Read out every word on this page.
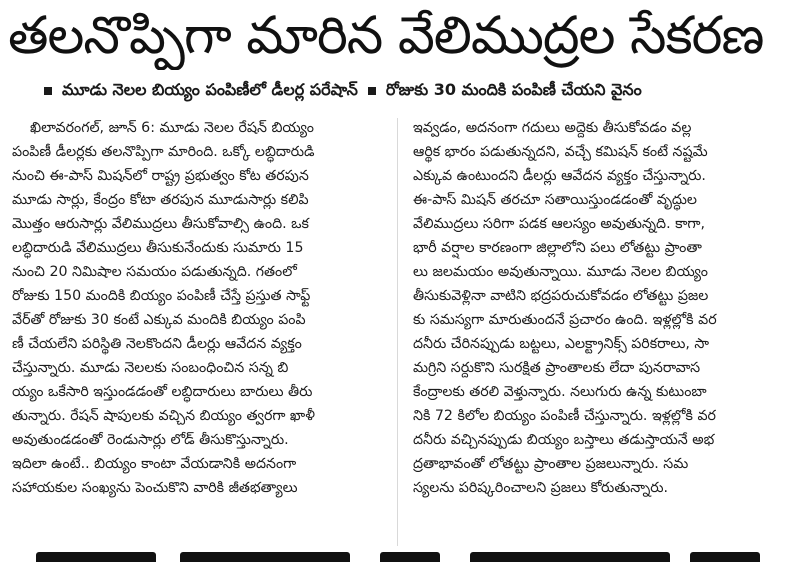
తలనొప్పిగా మారిన వేలిముద్రల సేకరణ
మూడు నెలల బియ్యం పంపిణీలో డీలర్ల పరేషాన్ రోజుకు 30 మందికి పంపిణీ చేయని వైనం
ఖిలావరంగల్, జూన్ 6: మూడు నెలల రేషన్ బియ్యం
పంపిణీ డీలర్లకు తలనొప్పిగా మారింది. ఒక్కో లబ్ధిదారుడి
నుంచి ఈ-పాస్ మిషన్‌లో రాష్ట్ర ప్రభుత్వం కోట తరపున
మూడు సార్లు, కేంద్రం కోటా తరపున మూడుసార్లు కలిపి
మొత్తం ఆరుసార్లు వేలిముద్రలు తీసుకోవాల్సి ఉంది. ఒక
లబ్ధిదారుడి వేలిముద్రలు తీసుకునేందుకు సుమారు 15
నుంచి 20 నిమిషాల సమయం పడుతున్నది. గతంలో
రోజుకు 150 మందికి బియ్యం పంపిణీ చేస్తే ప్రస్తుత సాఫ్ట్
వేర్‌తో రోజుకు 30 కంటే ఎక్కువ మందికి బియ్యం పంపి
ణీ చేయలేని పరిస్థితి నెలకొందని డీలర్లు ఆవేదన వ్యక్తం
చేస్తున్నారు. మూడు నెలలకు సంబంధించిన సన్న బి
య్యం ఒకేసారి ఇస్తుండడంతో లబ్ధిదారులు బారులు తీరు
తున్నారు. రేషన్ షాపులకు వచ్చిన బియ్యం త్వరగా ఖాళీ
అవుతుండడంతో రెండుసార్లు లోడ్ తీసుకొస్తున్నారు.
ఇదిలా ఉంటే.. బియ్యం కాంటా వేయడానికి అదనంగా
సహాయకుల సంఖ్యను పెంచుకొని వారికి జీతభత్యాలు
ఇవ్వడం, అదనంగా గదులు అద్దెకు తీసుకోవడం వల్ల
ఆర్థిక భారం పడుతున్నదని, వచ్చే కమిషన్ కంటే నష్టమే
ఎక్కువ ఉంటుందని డీలర్లు ఆవేదన వ్యక్తం చేస్తున్నారు.
ఈ-పాస్ మిషన్ తరచూ సతాయిస్తుండడంతో వృద్ధుల
వేలిముద్రలు సరిగా పడక ఆలస్యం అవుతున్నది. కాగా,
భారీ వర్షాల కారణంగా జిల్లాలోని పలు లోతట్టు ప్రాంతా
లు జలమయం అవుతున్నాయి. మూడు నెలల బియ్యం
తీసుకువెళ్లినా వాటిని భద్రపరుచుకోవడం లోతట్టు ప్రజల
కు సమస్యగా మారుతుందనే ప్రచారం ఉంది. ఇళ్లల్లోకి వర
దనీరు చేరినప్పుడు బట్టలు, ఎలక్ట్రానిక్స్ పరికరాలు, సా
మగ్రిని సర్దుకొని సురక్షిత ప్రాంతాలకు లేదా పునరావాస
కేంద్రాలకు తరలి వెళ్తున్నారు. నలుగురు ఉన్న కుటుంబా
నికి 72 కిలోల బియ్యం పంపిణీ చేస్తున్నారు. ఇళ్లల్లోకి వర
దనీరు వచ్చినప్పుడు బియ్యం బస్తాలు తడుస్తాయనే అభ
ద్రతాభావంతో లోతట్టు ప్రాంతాల ప్రజలున్నారు. సమ
స్యలను పరిష్కరించాలని ప్రజలు కోరుతున్నారు.
